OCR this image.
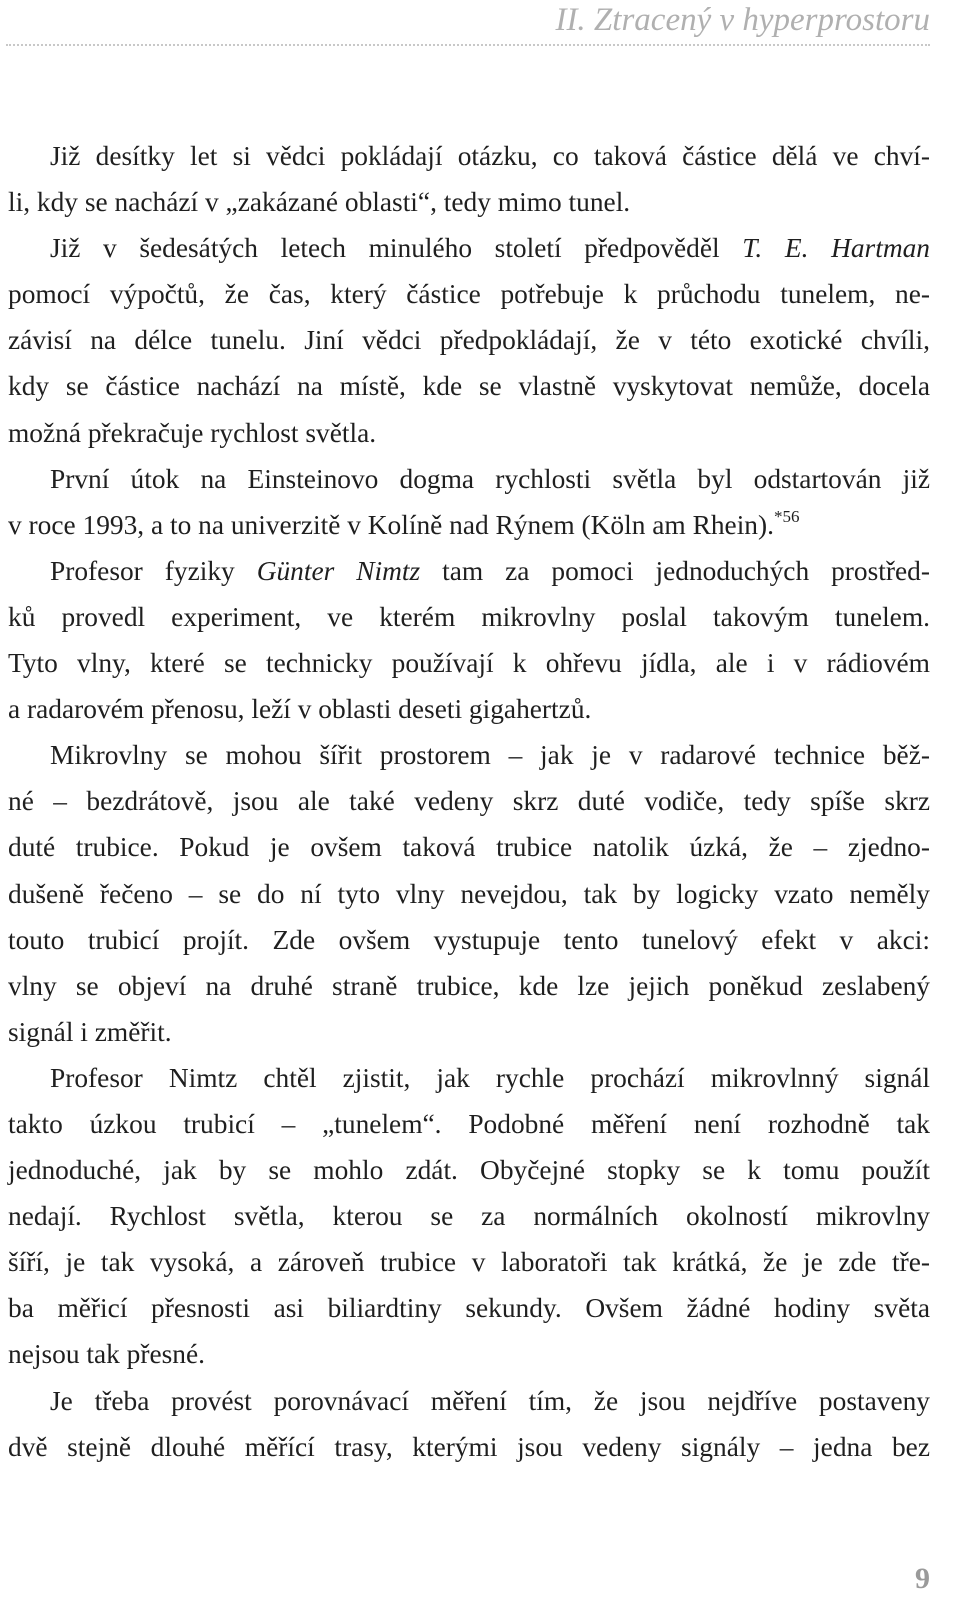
II. Ztracený v hyperprostoru
Již desítky let si vědci pokládají otázku, co taková částice dělá ve chví-
li, kdy se nachází v „zakázané oblasti“, tedy mimo tunel.
Již v šedesátých letech minulého století předpověděl T. E. Hartman
pomocí výpočtů, že čas, který částice potřebuje k průchodu tunelem, ne-
závisí na délce tunelu. Jiní vědci předpokládají, že v této exotické chvíli,
kdy se částice nachází na místě, kde se vlastně vyskytovat nemůže, docela
možná překračuje rychlost světla.
První útok na Einsteinovo dogma rychlosti světla byl odstartován již
v roce 1993, a to na univerzitě v Kolíně nad Rýnem (Köln am Rhein).$^{*56}$
Profesor fyziky Günter Nimtz tam za pomoci jednoduchých prostřed-
ků provedl experiment, ve kterém mikrovlny poslal takovým tunelem.
Tyto vlny, které se technicky používají k ohřevu jídla, ale i v rádiovém
a radarovém přenosu, leží v oblasti deseti gigahertzů.
Mikrovlny se mohou šířit prostorem – jak je v radarové technice běž-
né – bezdrátově, jsou ale také vedeny skrz duté vodiče, tedy spíše skrz
duté trubice. Pokud je ovšem taková trubice natolik úzká, že – zjedno-
dušeně řečeno – se do ní tyto vlny nevejdou, tak by logicky vzato neměly
touto trubicí projít. Zde ovšem vystupuje tento tunelový efekt v akci:
vlny se objeví na druhé straně trubice, kde lze jejich poněkud zeslabený
signál i změřit.
Profesor Nimtz chtěl zjistit, jak rychle prochází mikrovlnný signál
takto úzkou trubicí – „tunelem“. Podobné měření není rozhodně tak
jednoduché, jak by se mohlo zdát. Obyčejné stopky se k tomu použít
nedají. Rychlost světla, kterou se za normálních okolností mikrovlny
šíří, je tak vysoká, a zároveň trubice v laboratoři tak krátká, že je zde tře-
ba měřicí přesnosti asi biliardtiny sekundy. Ovšem žádné hodiny světa
nejsou tak přesné.
Je třeba provést porovnávací měření tím, že jsou nejdříve postaveny
dvě stejně dlouhé měřící trasy, kterými jsou vedeny signály – jedna bez
9
